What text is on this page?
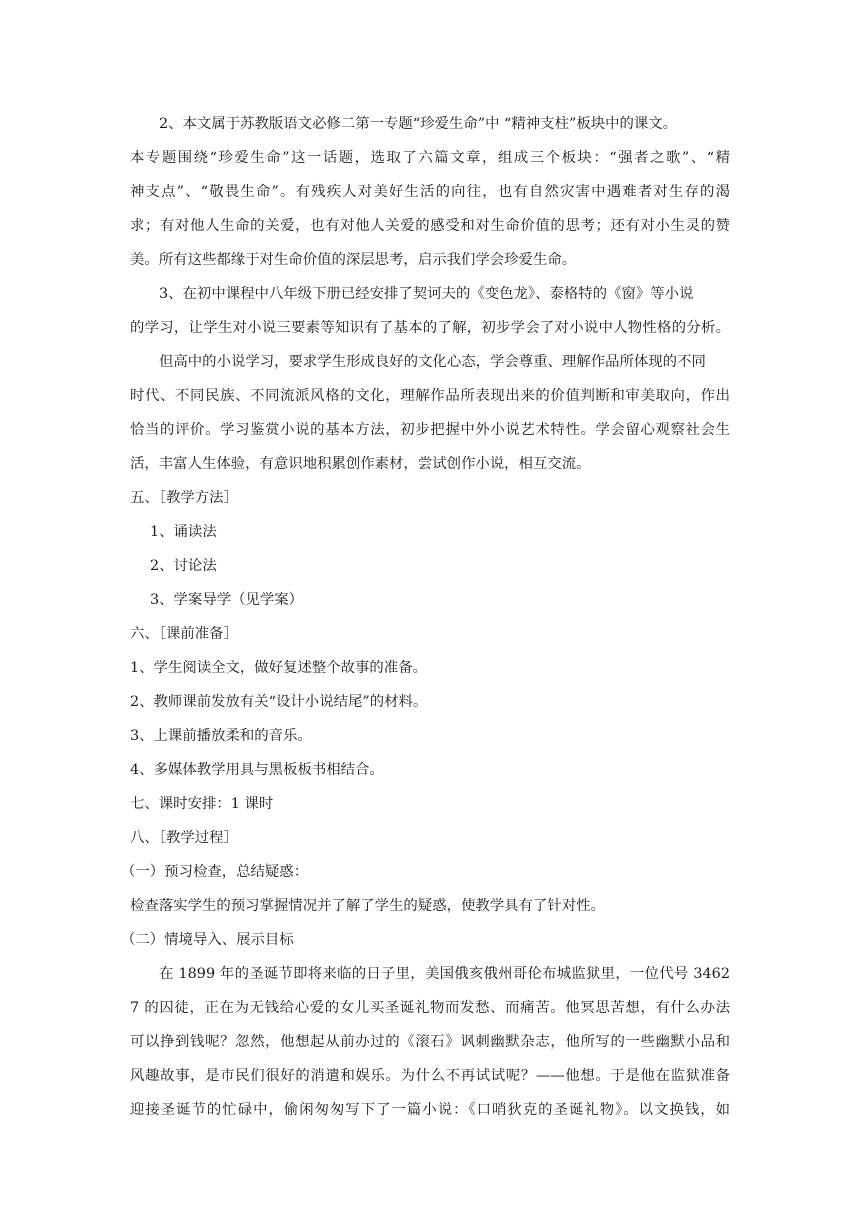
2、本文属于苏教版语文必修二第一专题“珍爱生命”中 “精神支柱”板块中的课文。
本专题围绕“珍爱生命”这一话题，选取了六篇文章，组成三个板块：“强者之歌”、“精
神支点”、“敬畏生命”。有残疾人对美好生活的向往，也有自然灾害中遇难者对生存的渴
求；有对他人生命的关爱，也有对他人关爱的感受和对生命价值的思考；还有对小生灵的赞
美。所有这些都缘于对生命价值的深层思考，启示我们学会珍爱生命。
3、在初中课程中八年级下册已经安排了契诃夫的《变色龙》、泰格特的《窗》等小说
的学习，让学生对小说三要素等知识有了基本的了解，初步学会了对小说中人物性格的分析。
但高中的小说学习，要求学生形成良好的文化心态，学会尊重、理解作品所体现的不同
时代、不同民族、不同流派风格的文化，理解作品所表现出来的价值判断和审美取向，作出
恰当的评价。学习鉴赏小说的基本方法，初步把握中外小说艺术特性。学会留心观察社会生
活，丰富人生体验，有意识地积累创作素材，尝试创作小说，相互交流。
五、［教学方法］
1、诵读法
2、讨论法
3、学案导学（见学案）
六、［课前准备］
1、学生阅读全文，做好复述整个故事的准备。
2、教师课前发放有关“设计小说结尾”的材料。
3、上课前播放柔和的音乐。
4、多媒体教学用具与黑板板书相结合。
七、课时安排：1 课时
八、［教学过程］
（一）预习检查，总结疑惑：
检查落实学生的预习掌握情况并了解了学生的疑惑，使教学具有了针对性。
（二）情境导入、展示目标
在 1899 年的圣诞节即将来临的日子里，美国俄亥俄州哥伦布城监狱里，一位代号 3462
7 的囚徒，正在为无钱给心爱的女儿买圣诞礼物而发愁、而痛苦。他冥思苦想，有什么办法
可以挣到钱呢？忽然，他想起从前办过的《滚石》讽刺幽默杂志，他所写的一些幽默小品和
风趣故事，是市民们很好的消遣和娱乐。为什么不再试试呢？——他想。于是他在监狱准备
迎接圣诞节的忙碌中，偷闲匆匆写下了一篇小说：《口哨狄克的圣诞礼物》。以文换钱，如
